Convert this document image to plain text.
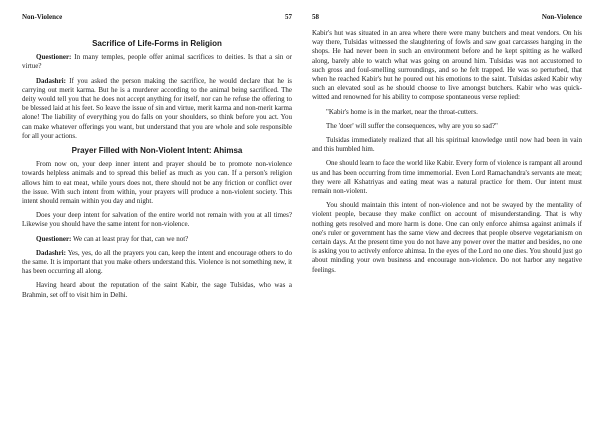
Non-Violence	57
Sacrifice of Life-Forms in Religion

Questioner: In many temples, people offer animal sacrifices to deities. Is that a sin or virtue?

Dadashri: If you asked the person making the sacrifice, he would declare that he is carrying out merit karma. But he is a murderer according to the animal being sacrificed. The deity would tell you that he does not accept anything for itself, nor can he refuse the offering to be blessed laid at his feet. So leave the issue of sin and virtue, merit karma and non-merit karma alone! The liability of everything you do falls on your shoulders, so think before you act. You can make whatever offerings you want, but understand that you are whole and sole responsible for all your actions.

Prayer Filled with Non-Violent Intent: Ahimsa

From now on, your deep inner intent and prayer should be to promote non-violence towards helpless animals and to spread this belief as much as you can. If a person's religion allows him to eat meat, while yours does not, there should not be any friction or conflict over the issue. With such intent from within, your prayers will produce a non-violent society. This intent should remain within you day and night.

Does your deep intent for salvation of the entire world not remain with you at all times? Likewise you should have the same intent for non-violence.

Questioner: We can at least pray for that, can we not?

Dadashri: Yes, yes, do all the prayers you can, keep the intent and encourage others to do the same. It is important that you make others understand this. Violence is not something new, it has been occurring all along.

Having heard about the reputation of the saint Kabir, the sage Tulsidas, who was a Brahmin, set off to visit him in Delhi.

58	Non-Violence

Kabir's hut was situated in an area where there were many butchers and meat vendors. On his way there, Tulsidas witnessed the slaughtering of fowls and saw goat carcasses hanging in the shops. He had never been in such an environment before and he kept spitting as he walked along, barely able to watch what was going on around him. Tulsidas was not accustomed to such gross and foul-smelling surroundings, and so he felt trapped. He was so perturbed, that when he reached Kabir's hut he poured out his emotions to the saint. Tulsidas asked Kabir why such an elevated soul as he should choose to live amongst butchers. Kabir who was quick-witted and renowned for his ability to compose spontaneous verse replied:

"Kabir's home is in the market, near the throat-cutters.

The 'doer' will suffer the consequences, why are you so sad?"

Tulsidas immediately realized that all his spiritual knowledge until now had been in vain and this humbled him.

One should learn to face the world like Kabir. Every form of violence is rampant all around us and has been occurring from time immemorial. Even Lord Ramachandra's servants ate meat; they were all Kshatriyas and eating meat was a natural practice for them. Our intent must remain non-violent.

You should maintain this intent of non-violence and not be swayed by the mentality of violent people, because they make conflict on account of misunderstanding. That is why nothing gets resolved and more harm is done. One can only enforce ahimsa against animals if one's ruler or government has the same view and decrees that people observe vegetarianism on certain days. At the present time you do not have any power over the matter and besides, no one is asking you to actively enforce ahimsa. In the eyes of the Lord no one dies. You should just go about minding your own business and encourage non-violence. Do not harbor any negative feelings.
